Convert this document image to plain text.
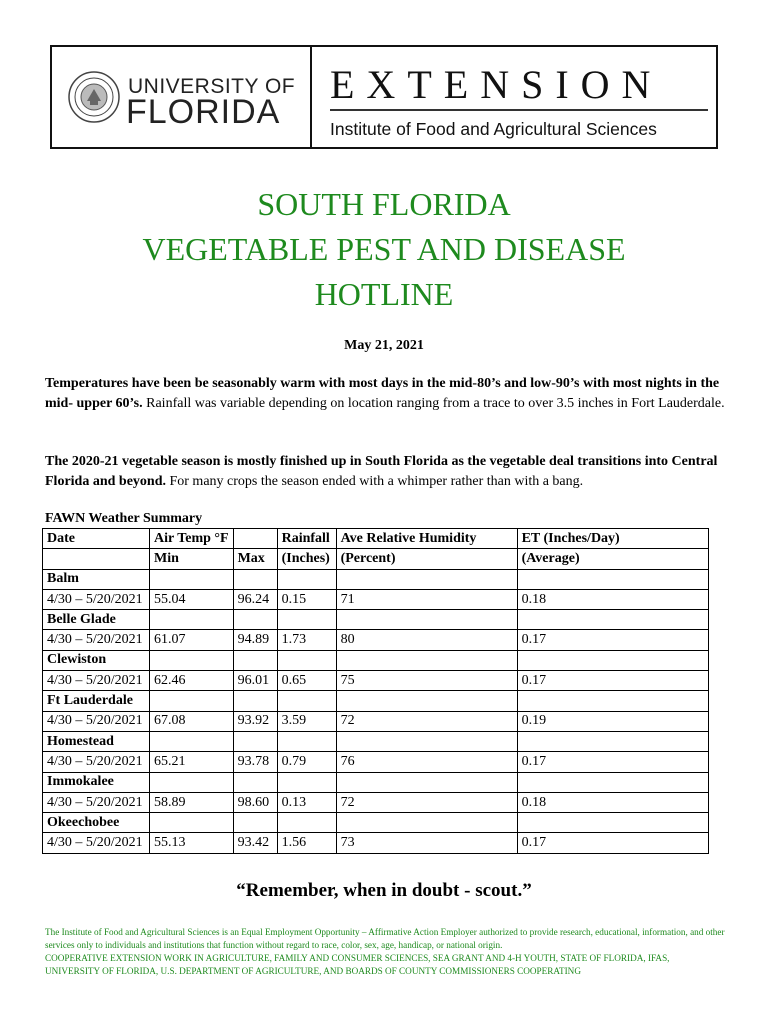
UNIVERSITY OF
FLORIDA
EXTENSION
Institute of Food and Agricultural Sciences
SOUTH FLORIDA
VEGETABLE PEST AND DISEASE
HOTLINE
May 21, 2021
Temperatures have been be seasonably warm with most days in the mid-80’s and low-90’s with most nights in the mid- upper 60’s. Rainfall was variable depending on location ranging from a trace to over 3.5 inches in Fort Lauderdale.
The 2020-21 vegetable season is mostly finished up in South Florida as the vegetable deal transitions into Central Florida and beyond. For many crops the season ended with a whimper rather than with a bang.
FAWN Weather Summary
Date	Air Temp °F		Rainfall	Ave Relative Humidity	ET (Inches/Day)
	Min	Max	(Inches)	(Percent)	(Average)
Balm					
4/30 – 5/20/2021	55.04	96.24	0.15	71	0.18
Belle Glade					
4/30 – 5/20/2021	61.07	94.89	1.73	80	0.17
Clewiston					
4/30 – 5/20/2021	62.46	96.01	0.65	75	0.17
Ft Lauderdale					
4/30 – 5/20/2021	67.08	93.92	3.59	72	0.19
Homestead					
4/30 – 5/20/2021	65.21	93.78	0.79	76	0.17
Immokalee					
4/30 – 5/20/2021	58.89	98.60	0.13	72	0.18
Okeechobee					
4/30 – 5/20/2021	55.13	93.42	1.56	73	0.17
“Remember, when in doubt - scout.”
The Institute of Food and Agricultural Sciences is an Equal Employment Opportunity – Affirmative Action Employer authorized to provide research, educational, information, and other services only to individuals and institutions that function without regard to race, color, sex, age, handicap, or national origin.
COOPERATIVE EXTENSION WORK IN AGRICULTURE, FAMILY AND CONSUMER SCIENCES, SEA GRANT AND 4-H YOUTH, STATE OF FLORIDA, IFAS, UNIVERSITY OF FLORIDA, U.S. DEPARTMENT OF AGRICULTURE, AND BOARDS OF COUNTY COMMISSIONERS COOPERATING
